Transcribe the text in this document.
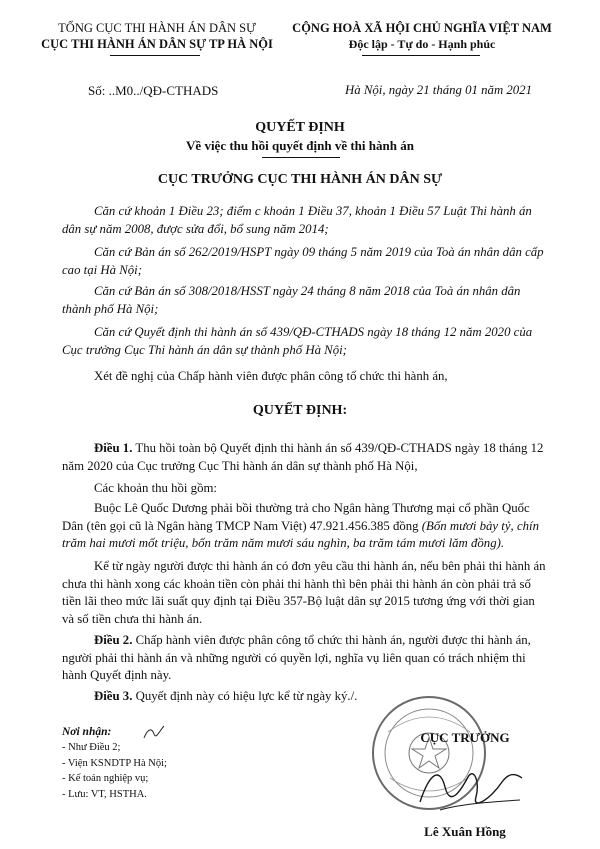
TỔNG CỤC THI HÀNH ÁN DÂN SỰ
CỤC THI HÀNH ÁN DÂN SỰ TP HÀ NỘI
CỘNG HOÀ XÃ HỘI CHỦ NGHĨA VIỆT NAM
Độc lập - Tự do - Hạnh phúc
Số: ..M0../QĐ-CTHADS	Hà Nội, ngày 21 tháng 01 năm 2021
QUYẾT ĐỊNH
Về việc thu hồi quyết định về thi hành án
CỤC TRƯỞNG CỤC THI HÀNH ÁN DÂN SỰ
Căn cứ khoản 1 Điều 23; điểm c khoản 1 Điều 37, khoản 1 Điều 57 Luật Thi hành án dân sự năm 2008, được sửa đổi, bổ sung năm 2014;
Căn cứ Bản án số 262/2019/HSPT ngày 09 tháng 5 năm 2019 của Toà án nhân dân cấp cao tại Hà Nội;
Căn cứ Bản án số 308/2018/HSST ngày 24 tháng 8 năm 2018 của Toà án nhân dân thành phố Hà Nội;
Căn cứ Quyết định thi hành án số 439/QĐ-CTHADS ngày 18 tháng 12 năm 2020 của Cục trưởng Cục Thi hành án dân sự thành phố Hà Nội;
Xét đề nghị của Chấp hành viên được phân công tổ chức thi hành án,
QUYẾT ĐỊNH:
Điều 1. Thu hồi toàn bộ Quyết định thi hành án số 439/QĐ-CTHADS ngày 18 tháng 12 năm 2020 của Cục trưởng Cục Thi hành án dân sự thành phố Hà Nội,
Các khoản thu hồi gồm:
Buộc Lê Quốc Dương phải bồi thường trả cho Ngân hàng Thương mại cổ phần Quốc Dân (tên gọi cũ là Ngân hàng TMCP Nam Việt) 47.921.456.385 đồng (Bốn mươi bảy tỷ, chín trăm hai mươi mốt triệu, bốn trăm năm mươi sáu nghìn, ba trăm tám mươi lăm đồng).
Kể từ ngày người được thi hành án có đơn yêu cầu thi hành án, nếu bên phải thi hành án chưa thi hành xong các khoản tiền còn phải thi hành thì bên phải thi hành án còn phải trả số tiền lãi theo mức lãi suất quy định tại Điều 357-Bộ luật dân sự 2015 tương ứng với thời gian và số tiền chưa thi hành án.
Điều 2. Chấp hành viên được phân công tổ chức thi hành án, người được thi hành án, người phải thi hành án và những người có quyền lợi, nghĩa vụ liên quan có trách nhiệm thi hành Quyết định này.
Điều 3. Quyết định này có hiệu lực kể từ ngày ký./.
Nơi nhận:
- Như Điều 2;
- Viện KSNDTP Hà Nội;
- Kế toán nghiệp vụ;
- Lưu: VT, HSTHA.
CỤC TRƯỞNG
Lê Xuân Hồng
